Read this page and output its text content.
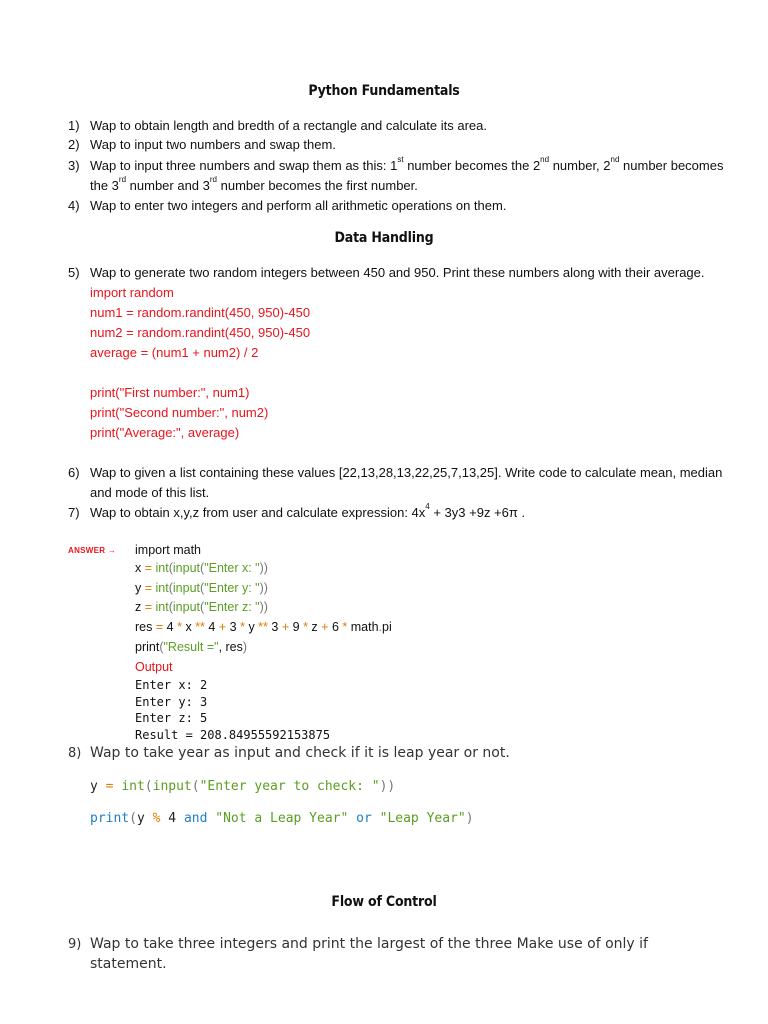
Python Fundamentals
1) Wap to obtain length and bredth of a rectangle and calculate its area.
2) Wap to input two numbers and swap them.
3) Wap to input three numbers and swap them as this: 1st number becomes the 2nd number, 2nd number becomes
the 3rd number and 3rd number becomes the first number.
4) Wap to enter two integers and perform all arithmetic operations on them.
Data Handling
5) Wap to generate two random integers between 450 and 950. Print these numbers along with their average.
import random
num1 = random.randint(450, 950)-450
num2 = random.randint(450, 950)-450
average = (num1 + num2) / 2
print("First number:", num1)
print("Second number:", num2)
print("Average:", average)
6) Wap to given a list containing these values [22,13,28,13,22,25,7,13,25]. Write code to calculate mean, median
and mode of this list.
7) Wap to obtain x,y,z from user and calculate expression: $4x^4 + 3y3 +9z +6\pi$ .
ANSWER → import math
x = int(input("Enter x: "))
y = int(input("Enter y: "))
z = int(input("Enter z: "))
res = 4 * x ** 4 + 3 * y ** 3 + 9 * z + 6 * math.pi
print("Result =", res)
Output
Enter x: 2
Enter y: 3
Enter z: 5
Result = 208.84955592153875
8) Wap to take year as input and check if it is leap year or not.
y = int(input("Enter year to check: "))
print(y % 4 and "Not a Leap Year" or "Leap Year")
Flow of Control
9) Wap to take three integers and print the largest of the three Make use of only if
statement.
